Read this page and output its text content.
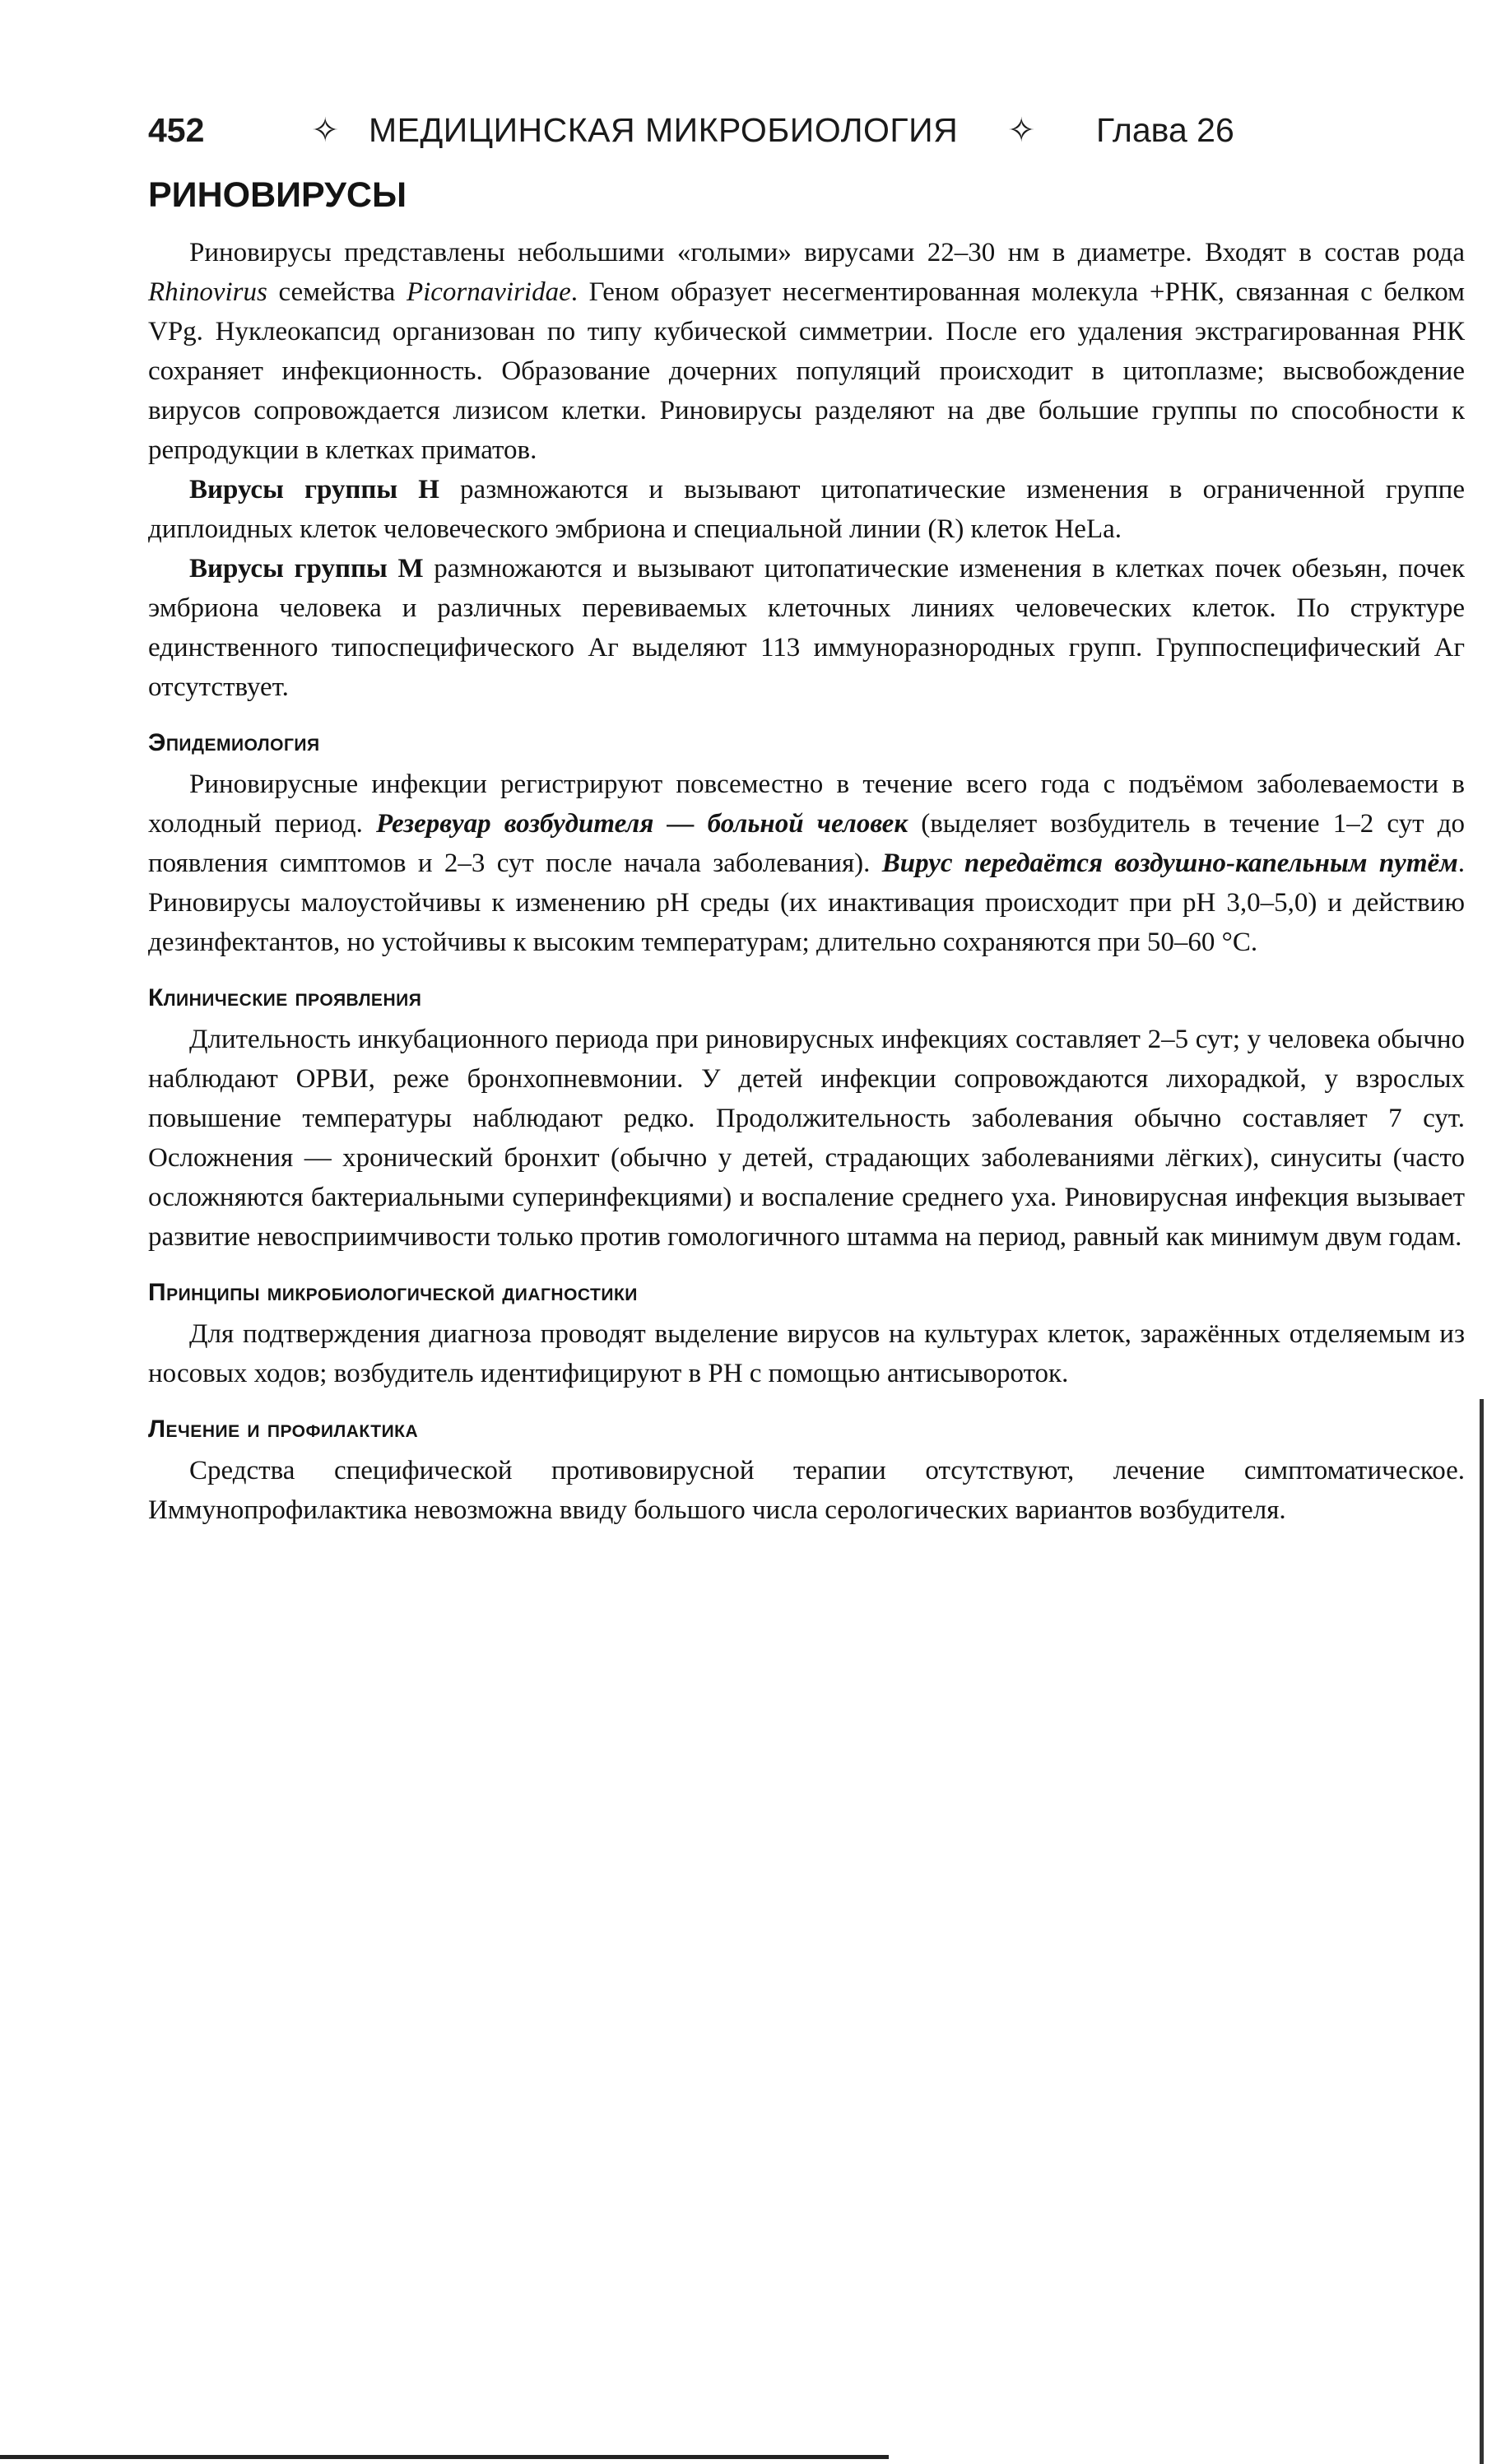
452	✧ МЕДИЦИНСКАЯ МИКРОБИОЛОГИЯ ✧ Глава 26
РИНОВИРУСЫ

Риновирусы представлены небольшими «голыми» вирусами 22–30 нм в диаметре. Входят в состав рода Rhinovirus семейства Picornaviridae. Геном образует несегментированная молекула +РНК, связанная с белком VPg. Нуклеокапсид организован по типу кубической симметрии. После его удаления экстрагированная РНК сохраняет инфекционность. Образование дочерних популяций происходит в цитоплазме; высвобождение вирусов сопровождается лизисом клетки. Риновирусы разделяют на две большие группы по способности к репродукции в клетках приматов.

Вирусы группы Н размножаются и вызывают цитопатические изменения в ограниченной группе диплоидных клеток человеческого эмбриона и специальной линии (R) клеток HeLa.

Вирусы группы М размножаются и вызывают цитопатические изменения в клетках почек обезьян, почек эмбриона человека и различных перевиваемых клеточных линиях человеческих клеток. По структуре единственного типоспецифического Аг выделяют 113 иммуноразнородных групп. Группоспецифический Аг отсутствует.

Эпидемиология

Риновирусные инфекции регистрируют повсеместно в течение всего года с подъёмом заболеваемости в холодный период. Резервуар возбудителя — больной человек (выделяет возбудитель в течение 1–2 сут до появления симптомов и 2–3 сут после начала заболевания). Вирус передаётся воздушно-капельным путём. Риновирусы малоустойчивы к изменению pH среды (их инактивация происходит при pH 3,0–5,0) и действию дезинфектантов, но устойчивы к высоким температурам; длительно сохраняются при 50–60 °С.

Клинические проявления

Длительность инкубационного периода при риновирусных инфекциях составляет 2–5 сут; у человека обычно наблюдают ОРВИ, реже бронхопневмонии. У детей инфекции сопровождаются лихорадкой, у взрослых повышение температуры наблюдают редко. Продолжительность заболевания обычно составляет 7 сут. Осложнения — хронический бронхит (обычно у детей, страдающих заболеваниями лёгких), синуситы (часто осложняются бактериальными суперинфекциями) и воспаление среднего уха. Риновирусная инфекция вызывает развитие невосприимчивости только против гомологичного штамма на период, равный как минимум двум годам.

Принципы микробиологической диагностики

Для подтверждения диагноза проводят выделение вирусов на культурах клеток, заражённых отделяемым из носовых ходов; возбудитель идентифицируют в РН с помощью антисывороток.

Лечение и профилактика

Средства специфической противовирусной терапии отсутствуют, лечение симптоматическое. Иммунопрофилактика невозможна ввиду большого числа серологических вариантов возбудителя.
